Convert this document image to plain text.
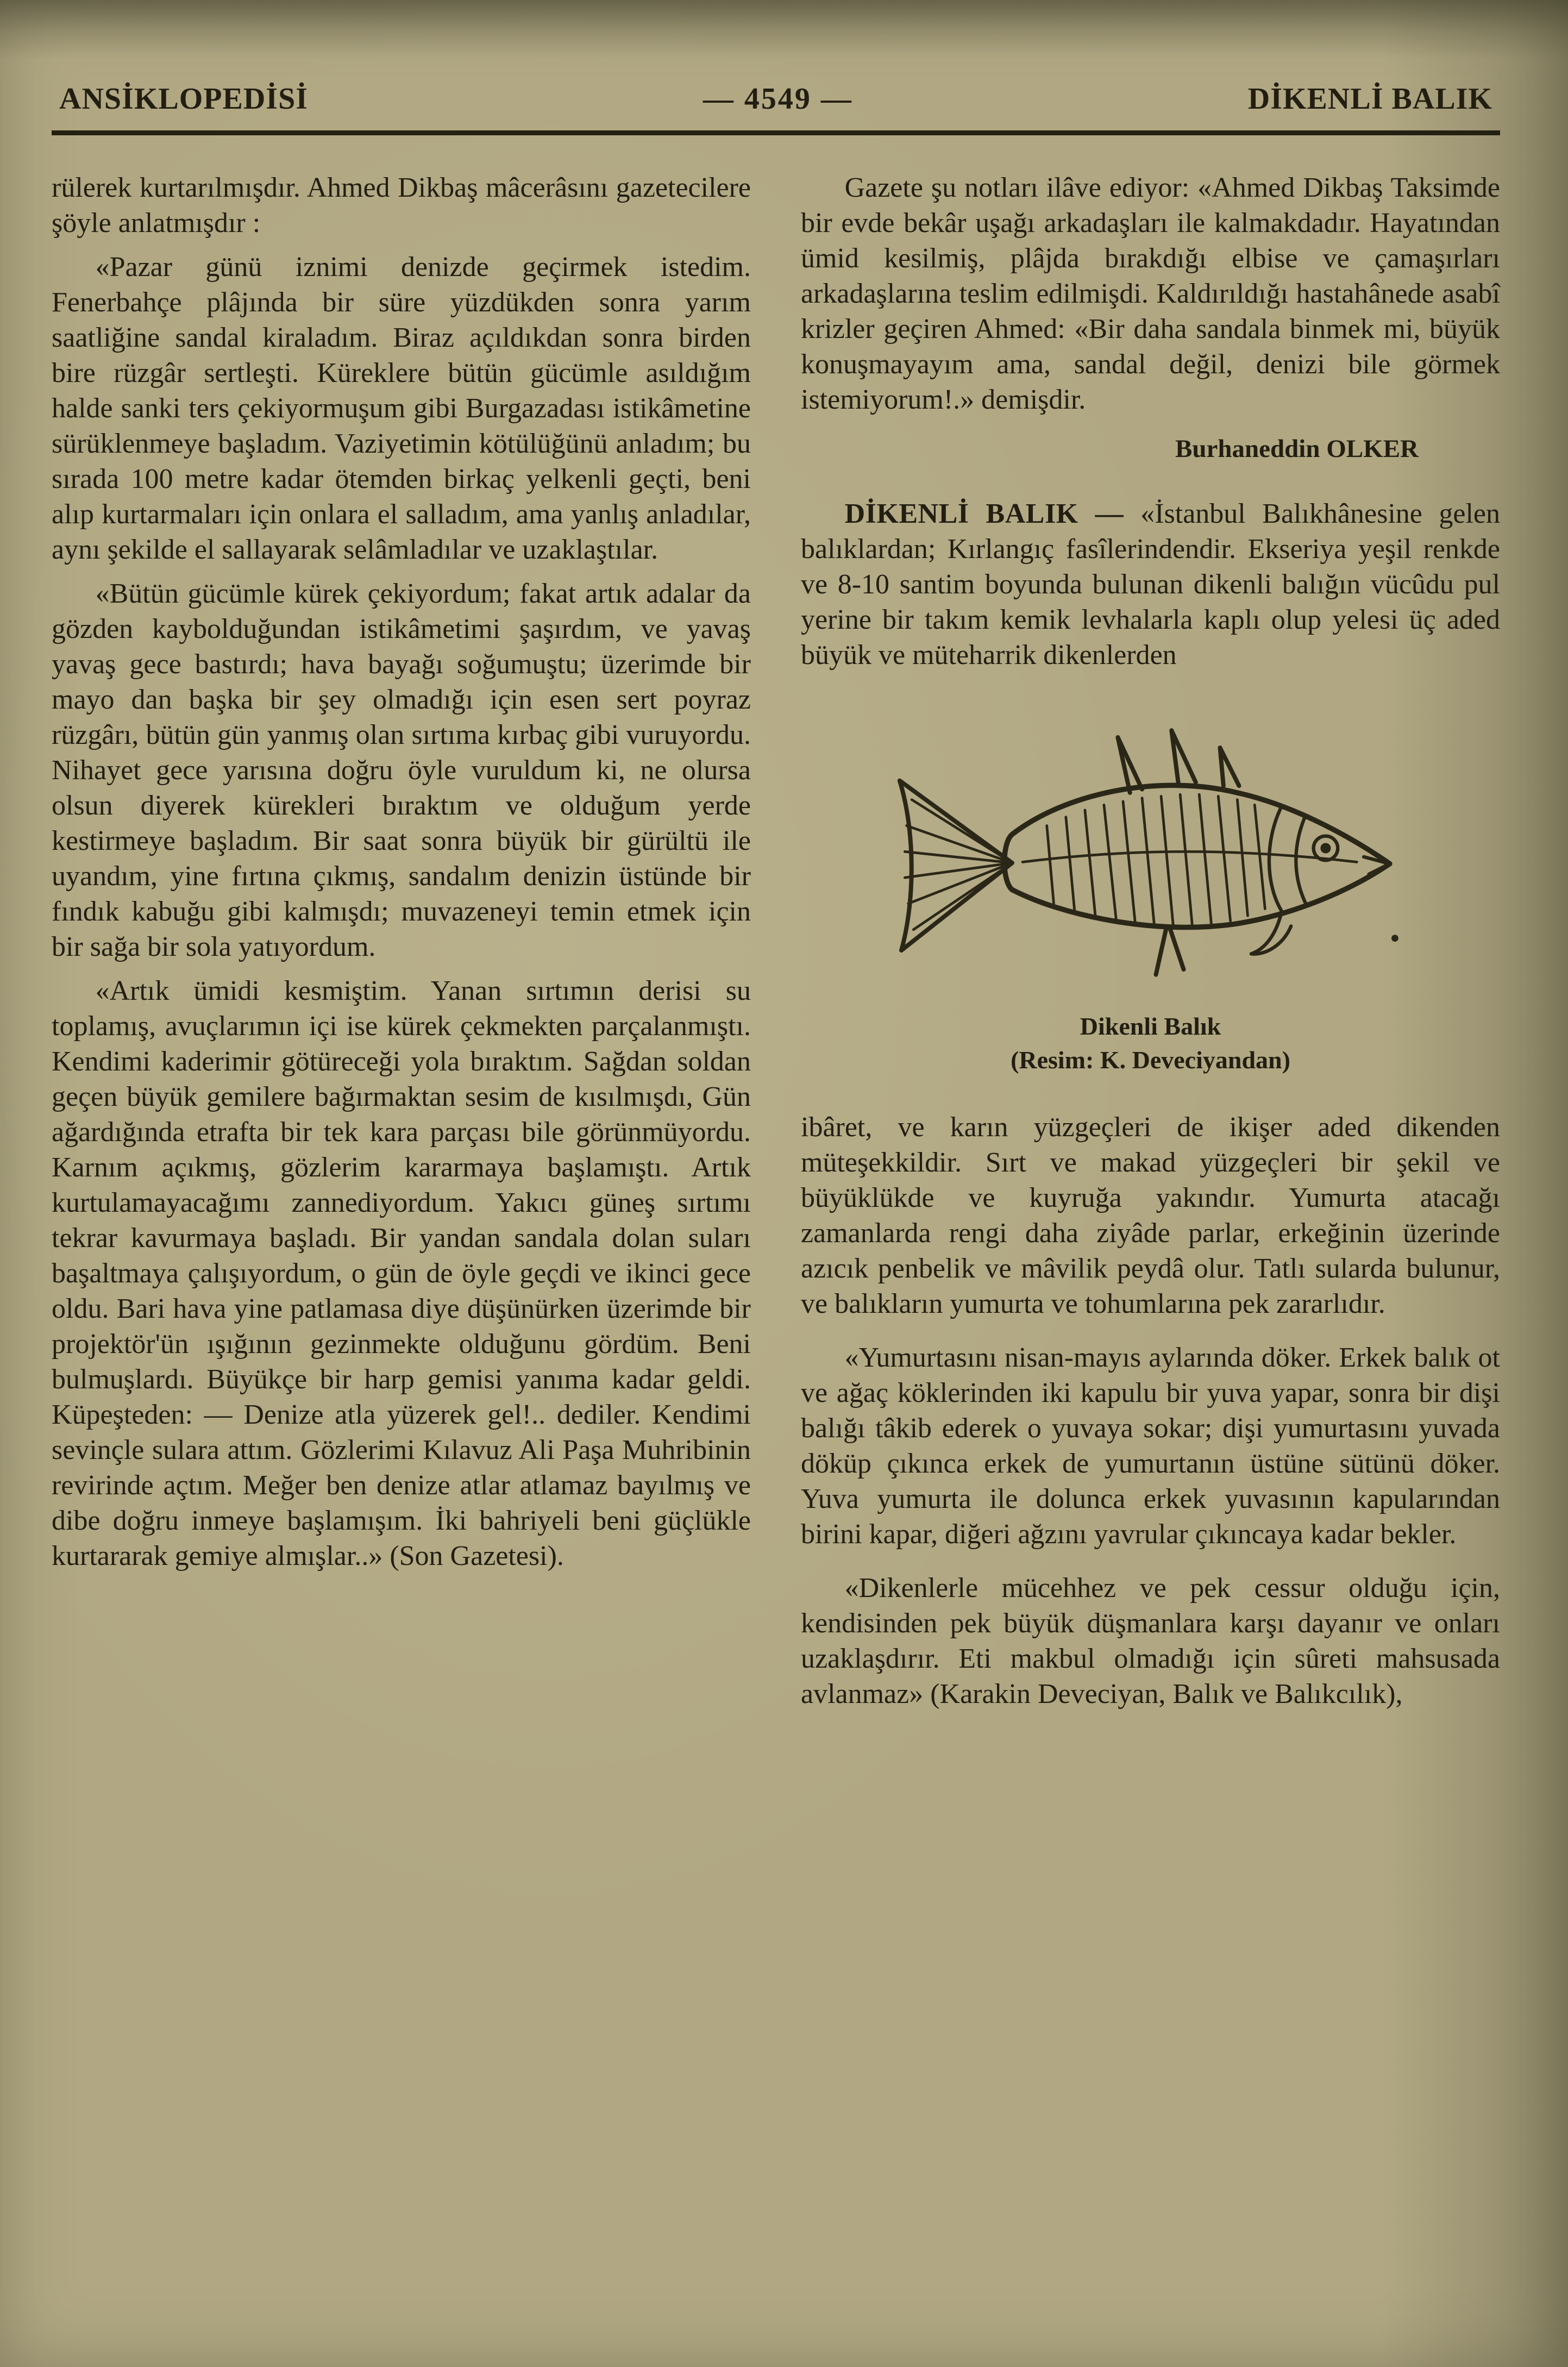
ANSİKLOPEDİSİ	— 4549 —	DİKENLİ BALIK

rülerek kurtarılmışdır. Ahmed Dikbaş mâcerâsını gazetecilere şöyle anlatmışdır :

«Pazar günü iznimi denizde geçirmek istedim. Fenerbahçe plâjında bir süre yüzdükden sonra yarım saatliğine sandal kiraladım. Biraz açıldıkdan sonra birden bire rüzgâr sertleşti. Küreklere bütün gücümle asıldığım halde sanki ters çekiyormuşum gibi Burgazadası istikâmetine sürüklenmeye başladım. Vaziyetimin kötülüğünü anladım; bu sırada 100 metre kadar ötemden birkaç yelkenli geçti, beni alıp kurtarmaları için onlara el salladım, ama yanlış anladılar, aynı şekilde el sallayarak selâmladılar ve uzaklaştılar.

«Bütün gücümle kürek çekiyordum; fakat artık adalar da gözden kaybolduğundan istikâmetimi şaşırdım, ve yavaş yavaş gece bastırdı; hava bayağı soğumuştu; üzerimde bir mayo dan başka bir şey olmadığı için esen sert poyraz rüzgârı, bütün gün yanmış olan sırtıma kırbaç gibi vuruyordu. Nihayet gece yarısına doğru öyle vuruldum ki, ne olursa olsun diyerek kürekleri bıraktım ve olduğum yerde kestirmeye başladım. Bir saat sonra büyük bir gürültü ile uyandım, yine fırtına çıkmış, sandalım denizin üstünde bir fındık kabuğu gibi kalmışdı; muvazeneyi temin etmek için bir sağa bir sola yatıyordum.

«Artık ümidi kesmiştim. Yanan sırtımın derisi su toplamış, avuçlarımın içi ise kürek çekmekten parçalanmıştı. Kendimi kaderimir götüreceği yola bıraktım. Sağdan soldan geçen büyük gemilere bağırmaktan sesim de kısılmışdı, Gün ağardığında etrafta bir tek kara parçası bile görünmüyordu. Karnım açıkmış, gözlerim kararmaya başlamıştı. Artık kurtulamayacağımı zannediyordum. Yakıcı güneş sırtımı tekrar kavurmaya başladı. Bir yandan sandala dolan suları başaltmaya çalışıyordum, o gün de öyle geçdi ve ikinci gece oldu. Bari hava yine patlamasa diye düşünürken üzerimde bir projektör'ün ışığının gezinmekte olduğunu gördüm. Beni bulmuşlardı. Büyükçe bir harp gemisi yanıma kadar geldi. Küpeşteden: — Denize atla yüzerek gel!.. dediler. Kendimi sevinçle sulara attım. Gözlerimi Kılavuz Ali Paşa Muhribinin revirinde açtım. Meğer ben denize atlar atlamaz bayılmış ve dibe doğru inmeye başlamışım. İki bahriyeli beni güçlükle kurtararak gemiye almışlar..» (Son Gazetesi).

Gazete şu notları ilâve ediyor: «Ahmed Dikbaş Taksimde bir evde bekâr uşağı arkadaşları ile kalmakdadır. Hayatından ümid kesilmiş, plâjda bırakdığı elbise ve çamaşırları arkadaşlarına teslim edilmişdi. Kaldırıldığı hastahânede asabî krizler geçiren Ahmed: «Bir daha sandala binmek mi, büyük konuşmayayım ama, sandal değil, denizi bile görmek istemiyorum!.» demişdir.

Burhaneddin OLKER

DİKENLİ BALIK — «İstanbul Balıkhânesine gelen balıklardan; Kırlangıç fasîlerindendir. Ekseriya yeşil renkde ve 8-10 santim boyunda bulunan dikenli balığın vücûdu pul yerine bir takım kemik levhalarla kaplı olup yelesi üç aded büyük ve müteharrik dikenlerden

Dikenli Balık
(Resim: K. Deveciyandan)

ibâret, ve karın yüzgeçleri de ikişer aded dikenden müteşekkildir. Sırt ve makad yüzgeçleri bir şekil ve büyüklükde ve kuyruğa yakındır. Yumurta atacağı zamanlarda rengi daha ziyâde parlar, erkeğinin üzerinde azıcık penbelik ve mâvilik peydâ olur. Tatlı sularda bulunur, ve balıkların yumurta ve tohumlarına pek zararlıdır.

«Yumurtasını nisan-mayıs aylarında döker. Erkek balık ot ve ağaç köklerinden iki kapulu bir yuva yapar, sonra bir dişi balığı tâkib ederek o yuvaya sokar; dişi yumurtasını yuvada döküp çıkınca erkek de yumurtanın üstüne sütünü döker. Yuva yumurta ile dolunca erkek yuvasının kapularından birini kapar, diğeri ağzını yavrular çıkıncaya kadar bekler.

«Dikenlerle mücehhez ve pek cessur olduğu için, kendisinden pek büyük düşmanlara karşı dayanır ve onları uzaklaşdırır. Eti makbul olmadığı için sûreti mahsusada avlanmaz» (Karakin Deveciyan, Balık ve Balıkcılık),
